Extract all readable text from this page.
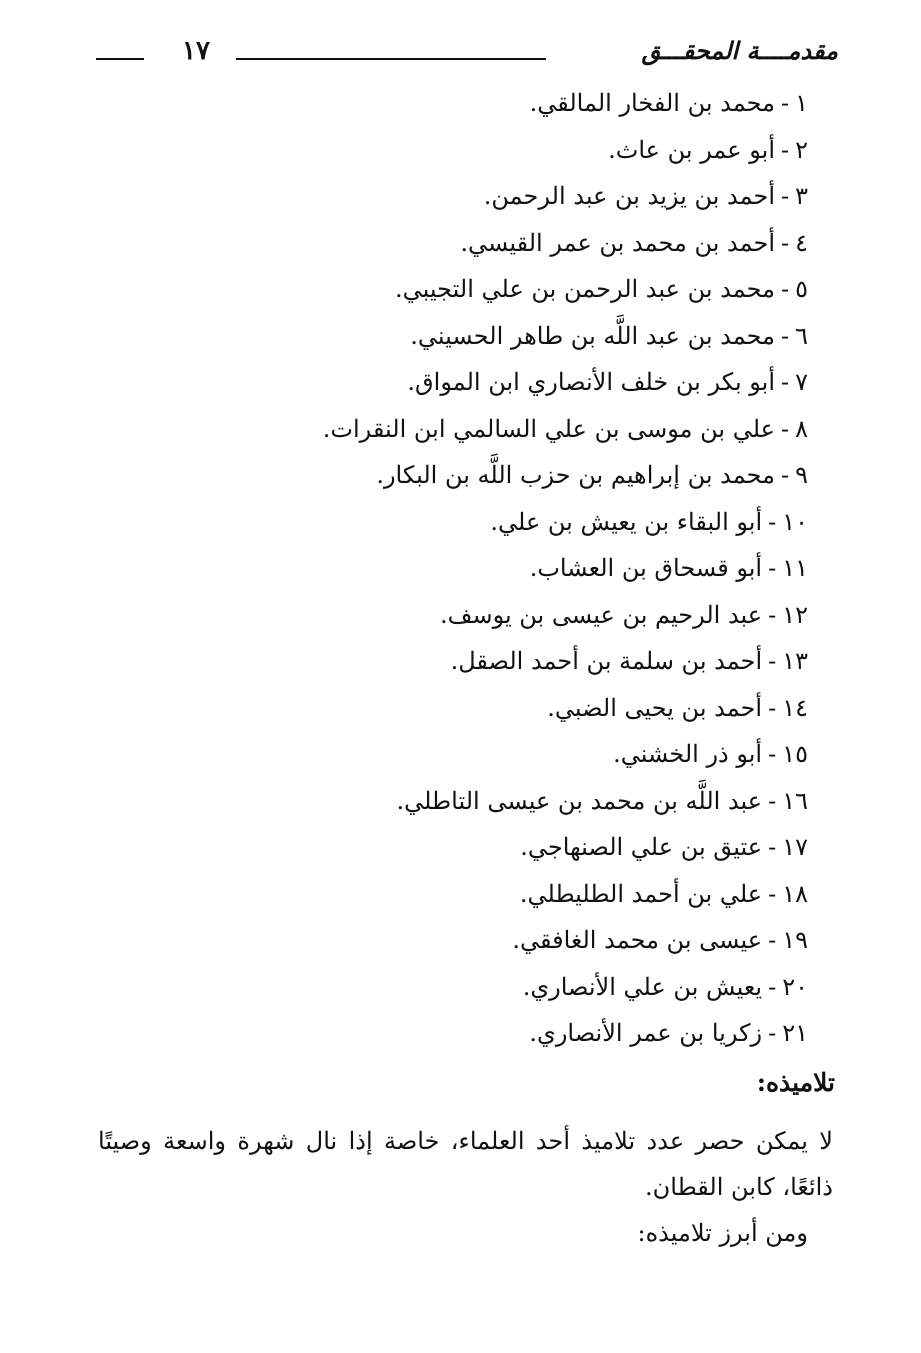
مقدمــــة المحقـــق
١٧
١-محمد بن الفخار المالقي.
٢-أبو عمر بن عاث.
٣-أحمد بن يزيد بن عبد الرحمن.
٤-أحمد بن محمد بن عمر القيسي.
٥-محمد بن عبد الرحمن بن علي التجيبي.
٦-محمد بن عبد اللَّه بن طاهر الحسيني.
٧-أبو بكر بن خلف الأنصاري ابن المواق.
٨-علي بن موسى بن علي السالمي ابن النقرات.
٩-محمد بن إبراهيم بن حزب اللَّه بن البكار.
١٠-أبو البقاء بن يعيش بن علي.
١١-أبو قسحاق بن العشاب.
١٢-عبد الرحيم بن عيسى بن يوسف.
١٣-أحمد بن سلمة بن أحمد الصقل.
١٤-أحمد بن يحيى الضبي.
١٥-أبو ذر الخشني.
١٦-عبد اللَّه بن محمد بن عيسى التاطلي.
١٧-عتيق بن علي الصنهاجي.
١٨-علي بن أحمد الطليطلي.
١٩-عيسى بن محمد الغافقي.
٢٠-يعيش بن علي الأنصاري.
٢١-زكريا بن عمر الأنصاري.
تلاميذه:

لا يمكن حصر عدد تلاميذ أحد العلماء، خاصة إذا نال شهرة واسعة وصيتًا ذائعًا، كابن القطان.

ومن أبرز تلاميذه:
